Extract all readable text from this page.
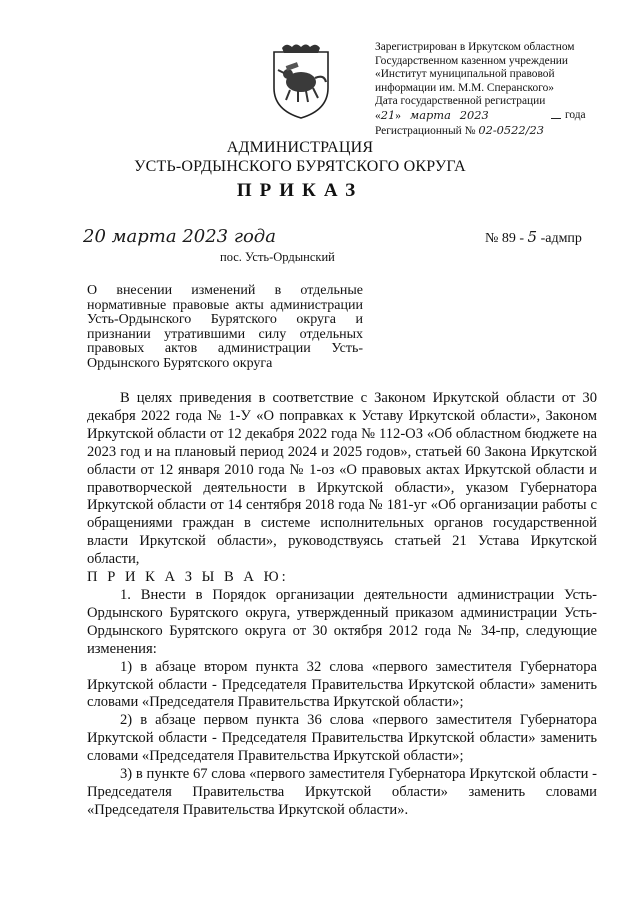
Зарегистрирован в Иркутском областном
Государственном казенном учреждении
«Институт муниципальной правовой
информации им. М.М. Сперанского»
Дата государственной регистрации
«21» марта 2023	года
Регистрационный № 02-0522/23
АДМИНИСТРАЦИЯ
УСТЬ-ОРДЫНСКОГО БУРЯТСКОГО ОКРУГА
ПРИКАЗ
20 марта 2023 года	№ 89 - 5 -адмпр
пос. Усть-Ордынский
О внесении изменений в отдельные нормативные правовые акты администрации Усть-Ордынского Бурятского округа и признании утратившими силу отдельных правовых актов администрации Усть-Ордынского Бурятского округа

В целях приведения в соответствие с Законом Иркутской области от 30 декабря 2022 года № 1-У «О поправках к Уставу Иркутской области», Законом Иркутской области от 12 декабря 2022 года № 112-ОЗ «Об областном бюджете на 2023 год и на плановый период 2024 и 2025 годов», статьей 60 Закона Иркутской области от 12 января 2010 года № 1-оз «О правовых актах Иркутской области и правотворческой деятельности в Иркутской области», указом Губернатора Иркутской области от 14 сентября 2018 года № 181-уг «Об организации работы с обращениями граждан в системе исполнительных органов государственной власти Иркутской области», руководствуясь статьей 21 Устава Иркутской области,

П Р И К А З Ы В А Ю:

1. Внести в Порядок организации деятельности администрации Усть-Ордынского Бурятского округа, утвержденный приказом администрации Усть-Ордынского Бурятского округа от 30 октября 2012 года № 34-пр, следующие изменения:

1) в абзаце втором пункта 32 слова «первого заместителя Губернатора Иркутской области - Председателя Правительства Иркутской области» заменить словами «Председателя Правительства Иркутской области»;

2) в абзаце первом пункта 36 слова «первого заместителя Губернатора Иркутской области - Председателя Правительства Иркутской области» заменить словами «Председателя Правительства Иркутской области»;

3) в пункте 67 слова «первого заместителя Губернатора Иркутской области - Председателя Правительства Иркутской области» заменить словами «Председателя Правительства Иркутской области».
